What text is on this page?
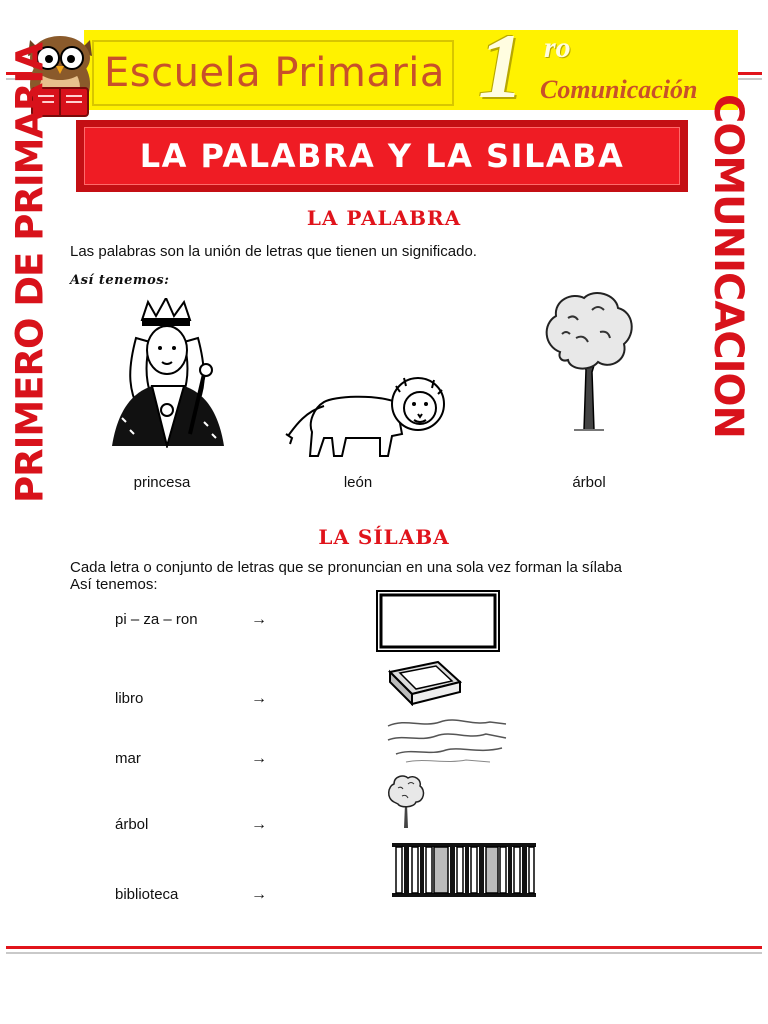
Escuela Primaria 1 ro
Comunicación
LA PALABRA Y LA SILABA
PRIMERO DE PRIMARIA	COMUNICACION
LA PALABRA
Las palabras son la unión de letras que tienen un significado.
Así tenemos:
princesa	león	árbol
LA SÍLABA
Cada letra o conjunto de letras que se pronuncian en una sola vez forman la sílaba
Así tenemos:
pi – za – ron	→
libro	→
mar	→
árbol	→
biblioteca	→
